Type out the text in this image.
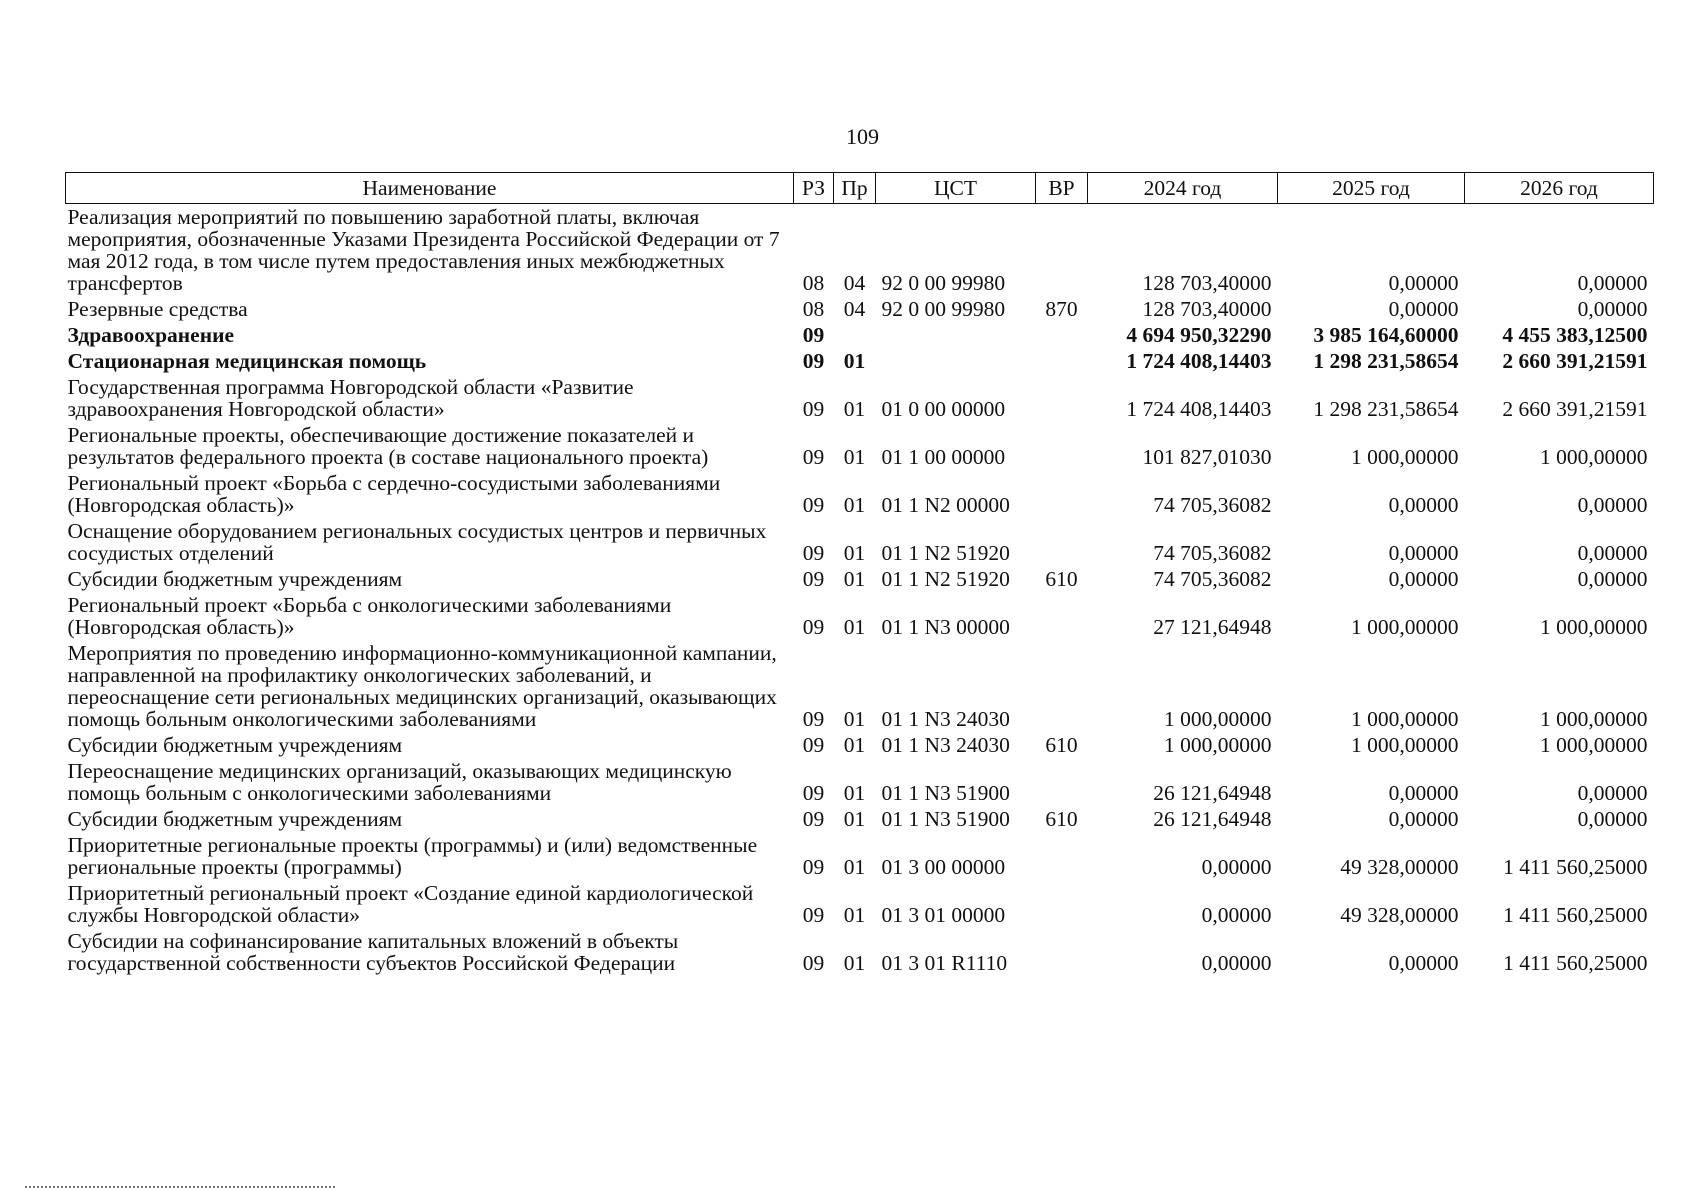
109
Наименование	РЗ	Пр	ЦСТ	ВР	2024 год	2025 год	2026 год
Реализация мероприятий по повышению заработной платы, включая мероприятия, обозначенные Указами Президента Российской Федерации от 7 мая 2012 года, в том числе путем предоставления иных межбюджетных трансфертов	08	04	92 0 00 99980		128 703,40000	0,00000	0,00000
Резервные средства	08	04	92 0 00 99980	870	128 703,40000	0,00000	0,00000
Здравоохранение	09				4 694 950,32290	3 985 164,60000	4 455 383,12500
Стационарная медицинская помощь	09	01			1 724 408,14403	1 298 231,58654	2 660 391,21591
Государственная программа Новгородской области «Развитие здравоохранения Новгородской области»	09	01	01 0 00 00000		1 724 408,14403	1 298 231,58654	2 660 391,21591
Региональные проекты, обеспечивающие достижение показателей и результатов федерального проекта (в составе национального проекта)	09	01	01 1 00 00000		101 827,01030	1 000,00000	1 000,00000
Региональный проект «Борьба с сердечно-сосудистыми заболеваниями (Новгородская область)»	09	01	01 1 N2 00000		74 705,36082	0,00000	0,00000
Оснащение оборудованием региональных сосудистых центров и первичных сосудистых отделений	09	01	01 1 N2 51920		74 705,36082	0,00000	0,00000
Субсидии бюджетным учреждениям	09	01	01 1 N2 51920	610	74 705,36082	0,00000	0,00000
Региональный проект «Борьба с онкологическими заболеваниями (Новгородская область)»	09	01	01 1 N3 00000		27 121,64948	1 000,00000	1 000,00000
Мероприятия по проведению информационно-коммуникационной кампании, направленной на профилактику онкологических заболеваний, и переоснащение сети региональных медицинских организаций, оказывающих помощь больным онкологическими заболеваниями	09	01	01 1 N3 24030		1 000,00000	1 000,00000	1 000,00000
Субсидии бюджетным учреждениям	09	01	01 1 N3 24030	610	1 000,00000	1 000,00000	1 000,00000
Переоснащение медицинских организаций, оказывающих медицинскую помощь больным с онкологическими заболеваниями	09	01	01 1 N3 51900		26 121,64948	0,00000	0,00000
Субсидии бюджетным учреждениям	09	01	01 1 N3 51900	610	26 121,64948	0,00000	0,00000
Приоритетные региональные проекты (программы) и (или) ведомственные региональные проекты (программы)	09	01	01 3 00 00000		0,00000	49 328,00000	1 411 560,25000
Приоритетный региональный проект «Создание единой кардиологической службы Новгородской области»	09	01	01 3 01 00000		0,00000	49 328,00000	1 411 560,25000
Субсидии на софинансирование капитальных вложений в объекты государственной собственности субъектов Российской Федерации	09	01	01 3 01 R1110		0,00000	0,00000	1 411 560,25000
